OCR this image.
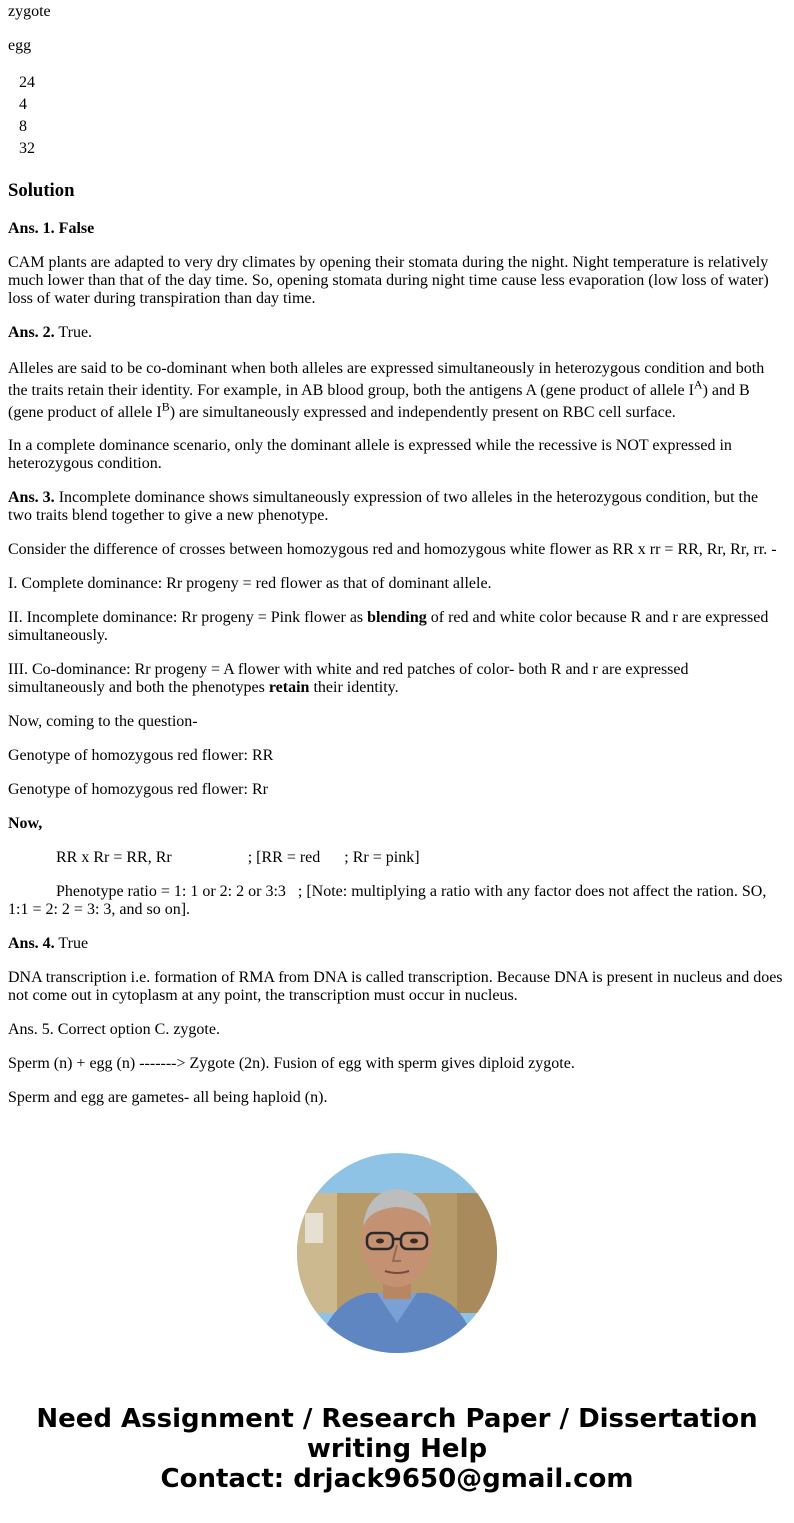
zygote
egg
24
4
8
32
Solution
Ans. 1. False
CAM plants are adapted to very dry climates by opening their stomata during the night. Night temperature is relatively much lower than that of the day time. So, opening stomata during night time cause less evaporation (low loss of water) loss of water during transpiration than day time.
Ans. 2. True.
Alleles are said to be co-dominant when both alleles are expressed simultaneously in heterozygous condition and both the traits retain their identity. For example, in AB blood group, both the antigens A (gene product of allele $I^A$) and B (gene product of allele $I^B$) are simultaneously expressed and independently present on RBC cell surface.
In a complete dominance scenario, only the dominant allele is expressed while the recessive is NOT expressed in heterozygous condition.
Ans. 3. Incomplete dominance shows simultaneously expression of two alleles in the heterozygous condition, but the two traits blend together to give a new phenotype.
Consider the difference of crosses between homozygous red and homozygous white flower as RR x rr = RR, Rr, Rr, rr. -
I. Complete dominance: Rr progeny = red flower as that of dominant allele.
II. Incomplete dominance: Rr progeny = Pink flower as blending of red and white color because R and r are expressed simultaneously.
III. Co-dominance: Rr progeny = A flower with white and red patches of color- both R and r are expressed simultaneously and both the phenotypes retain their identity.
Now, coming to the question-
Genotype of homozygous red flower: RR
Genotype of homozygous red flower: Rr
Now,
RR x Rr = RR, Rr                   ; [RR = red      ; Rr = pink]
Phenotype ratio = 1: 1 or 2: 2 or 3:3   ; [Note: multiplying a ratio with any factor does not affect the ration. SO, 1:1 = 2: 2 = 3: 3, and so on].
Ans. 4. True
DNA transcription i.e. formation of RMA from DNA is called transcription. Because DNA is present in nucleus and does not come out in cytoplasm at any point, the transcription must occur in nucleus.
Ans. 5. Correct option C. zygote.
Sperm (n) + egg (n) -------> Zygote (2n). Fusion of egg with sperm gives diploid zygote.
Sperm and egg are gametes- all being haploid (n).
Need Assignment / Research Paper / Dissertation
writing Help
Contact: drjack9650@gmail.com
